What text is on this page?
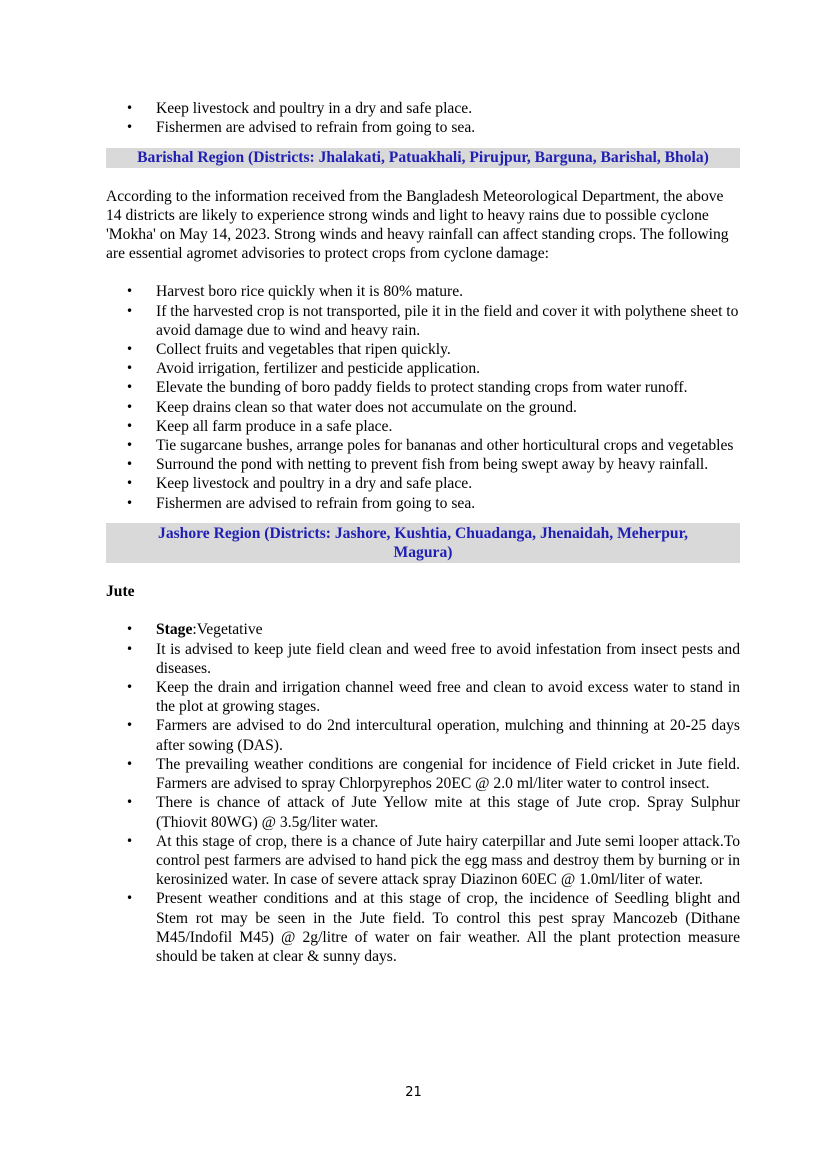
• Keep livestock and poultry in a dry and safe place.
• Fishermen are advised to refrain from going to sea.
Barishal Region (Districts: Jhalakati, Patuakhali, Pirujpur, Barguna, Barishal, Bhola)

According to the information received from the Bangladesh Meteorological Department, the above 14 districts are likely to experience strong winds and light to heavy rains due to possible cyclone 'Mokha' on May 14, 2023. Strong winds and heavy rainfall can affect standing crops. The following are essential agromet advisories to protect crops from cyclone damage:

• Harvest boro rice quickly when it is 80% mature.
• If the harvested crop is not transported, pile it in the field and cover it with polythene sheet to avoid damage due to wind and heavy rain.
• Collect fruits and vegetables that ripen quickly.
• Avoid irrigation, fertilizer and pesticide application.
• Elevate the bunding of boro paddy fields to protect standing crops from water runoff.
• Keep drains clean so that water does not accumulate on the ground.
• Keep all farm produce in a safe place.
• Tie sugarcane bushes, arrange poles for bananas and other horticultural crops and vegetables
• Surround the pond with netting to prevent fish from being swept away by heavy rainfall.
• Keep livestock and poultry in a dry and safe place.
• Fishermen are advised to refrain from going to sea.
Jashore Region (Districts: Jashore, Kushtia, Chuadanga, Jhenaidah, Meherpur, Magura)

Jute

• Stage:Vegetative
• It is advised to keep jute field clean and weed free to avoid infestation from insect pests and diseases.
• Keep the drain and irrigation channel weed free and clean to avoid excess water to stand in the plot at growing stages.
• Farmers are advised to do 2nd intercultural operation, mulching and thinning at 20-25 days after sowing (DAS).
• The prevailing weather conditions are congenial for incidence of Field cricket in Jute field. Farmers are advised to spray Chlorpyrephos 20EC @ 2.0 ml/liter water to control insect.
• There is chance of attack of Jute Yellow mite at this stage of Jute crop. Spray Sulphur (Thiovit 80WG) @ 3.5g/liter water.
• At this stage of crop, there is a chance of Jute hairy caterpillar and Jute semi looper attack.To control pest farmers are advised to hand pick the egg mass and destroy them by burning or in kerosinized water. In case of severe attack spray Diazinon 60EC @ 1.0ml/liter of water.
• Present weather conditions and at this stage of crop, the incidence of Seedling blight and Stem rot may be seen in the Jute field. To control this pest spray Mancozeb (Dithane M45/Indofil M45) @ 2g/litre of water on fair weather. All the plant protection measure should be taken at clear & sunny days.
21
